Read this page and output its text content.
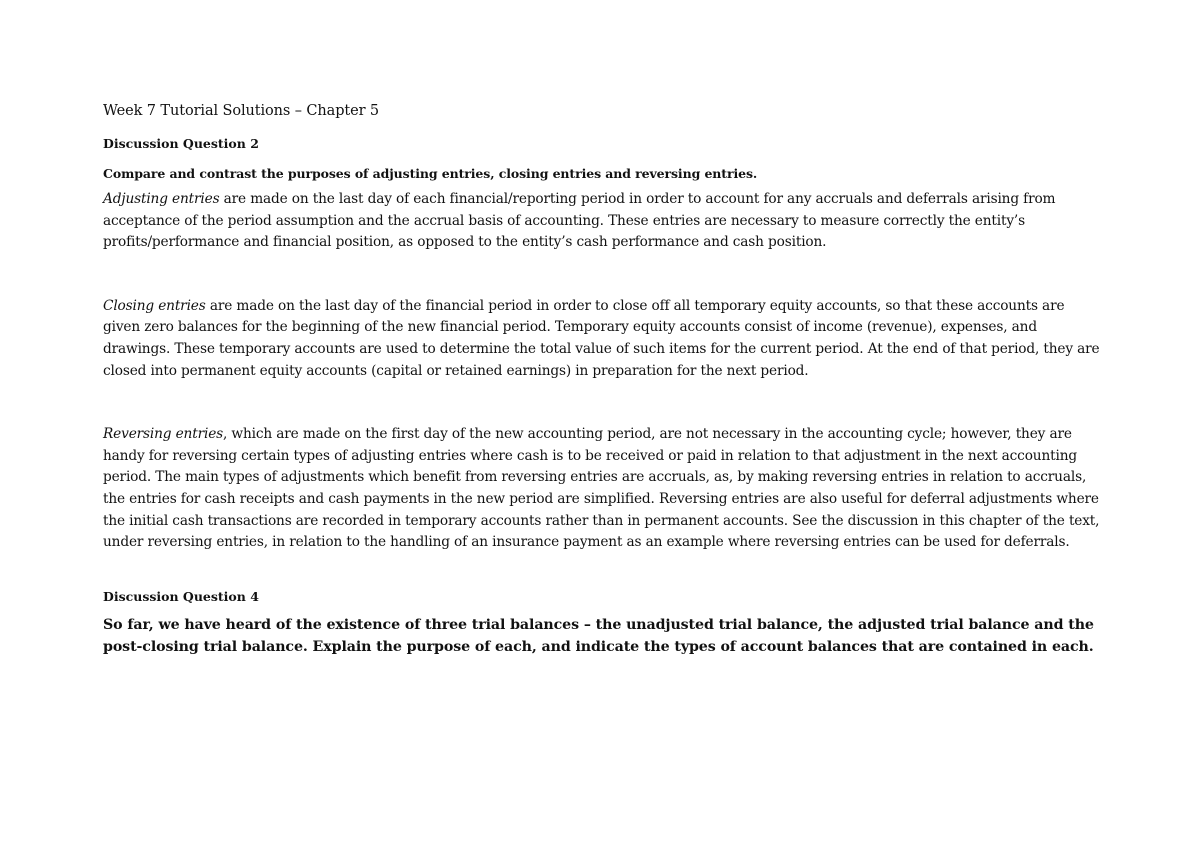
Week 7 Tutorial Solutions – Chapter 5

Discussion Question 2

Compare and contrast the purposes of adjusting entries, closing entries and reversing entries.

Adjusting entries are made on the last day of each financial/reporting period in order to account for any accruals and deferrals arising from acceptance of the period assumption and the accrual basis of accounting. These entries are necessary to measure correctly the entity’s profits/performance and financial position, as opposed to the entity’s cash performance and cash position.

Closing entries are made on the last day of the financial period in order to close off all temporary equity accounts, so that these accounts are given zero balances for the beginning of the new financial period. Temporary equity accounts consist of income (revenue), expenses, and drawings. These temporary accounts are used to determine the total value of such items for the current period. At the end of that period, they are closed into permanent equity accounts (capital or retained earnings) in preparation for the next period.

Reversing entries, which are made on the first day of the new accounting period, are not necessary in the accounting cycle; however, they are handy for reversing certain types of adjusting entries where cash is to be received or paid in relation to that adjustment in the next accounting period. The main types of adjustments which benefit from reversing entries are accruals, as, by making reversing entries in relation to accruals, the entries for cash receipts and cash payments in the new period are simplified. Reversing entries are also useful for deferral adjustments where the initial cash transactions are recorded in temporary accounts rather than in permanent accounts. See the discussion in this chapter of the text, under reversing entries, in relation to the handling of an insurance payment as an example where reversing entries can be used for deferrals.

Discussion Question 4

So far, we have heard of the existence of three trial balances – the unadjusted trial balance, the adjusted trial balance and the post-closing trial balance. Explain the purpose of each, and indicate the types of account balances that are contained in each.
